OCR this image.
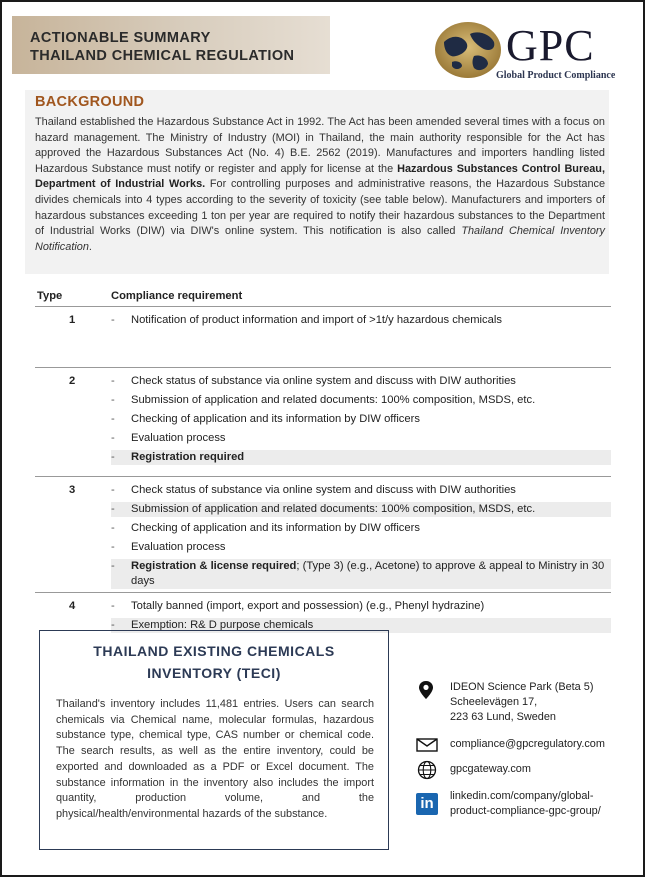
ACTIONABLE SUMMARY
THAILAND CHEMICAL REGULATION	GPC
Global Product Compliance
BACKGROUND
Thailand established the Hazardous Substance Act in 1992. The Act has been amended several times with a focus on hazard management. The Ministry of Industry (MOI) in Thailand, the main authority responsible for the Act has approved the Hazardous Substances Act (No. 4) B.E. 2562 (2019). Manufactures and importers handling listed Hazardous Substance must notify or register and apply for license at the Hazardous Substances Control Bureau, Department of Industrial Works. For controlling purposes and administrative reasons, the Hazardous Substance divides chemicals into 4 types according to the severity of toxicity (see table below). Manufacturers and importers of hazardous substances exceeding 1 ton per year are required to notify their hazardous substances to the Department of Industrial Works (DIW) via DIW's online system. This notification is also called Thailand Chemical Inventory Notification.
Type	Compliance requirement
1	- Notification of product information and import of >1t/y hazardous chemicals
2	- Check status of substance via online system and discuss with DIW authorities
- Submission of application and related documents: 100% composition, MSDS, etc.
- Checking of application and its information by DIW officers
- Evaluation process
- Registration required
3	- Check status of substance via online system and discuss with DIW authorities
- Submission of application and related documents: 100% composition, MSDS, etc.
- Checking of application and its information by DIW officers
- Evaluation process
- Registration & license required; (Type 3) (e.g., Acetone) to approve & appeal to Ministry in 30 days
4	- Totally banned (import, export and possession) (e.g., Phenyl hydrazine)
- Exemption: R& D purpose chemicals
THAILAND EXISTING CHEMICALS
INVENTORY (TECI)
Thailand's inventory includes 11,481 entries. Users can search chemicals via Chemical name, molecular formulas, hazardous substance type, chemical type, CAS number or chemical code. The search results, as well as the entire inventory, could be exported and downloaded as a PDF or Excel document. The substance information in the inventory also includes the import quantity, production volume, and the physical/health/environmental hazards of the substance.
IDEON Science Park (Beta 5)
Scheelevägen 17,
223 63 Lund, Sweden
compliance@gpcregulatory.com
gpcgateway.com
in	linkedin.com/company/global-
product-compliance-gpc-group/
